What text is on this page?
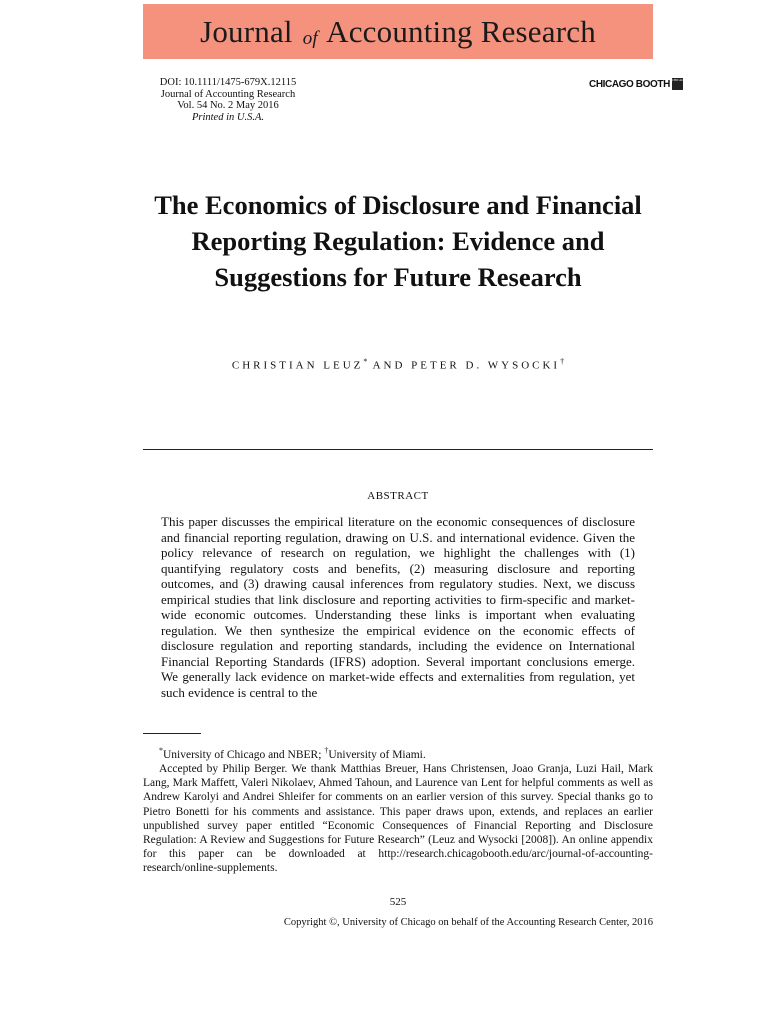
Journal of Accounting Research
DOI: 10.1111/1475-679X.12115
Journal of Accounting Research
Vol. 54 No. 2 May 2016
Printed in U.S.A.
CHICAGO BOOTH CHICAGO
The Economics of Disclosure and Financial Reporting Regulation: Evidence and Suggestions for Future Research
CHRISTIAN LEUZ* AND PETER D. WYSOCKI†
ABSTRACT

This paper discusses the empirical literature on the economic consequences of disclosure and financial reporting regulation, drawing on U.S. and international evidence. Given the policy relevance of research on regulation, we highlight the challenges with (1) quantifying regulatory costs and benefits, (2) measuring disclosure and reporting outcomes, and (3) drawing causal inferences from regulatory studies. Next, we discuss empirical studies that link disclosure and reporting activities to firm-specific and market-wide economic outcomes. Understanding these links is important when evaluating regulation. We then synthesize the empirical evidence on the economic effects of disclosure regulation and reporting standards, including the evidence on International Financial Reporting Standards (IFRS) adoption. Several important conclusions emerge. We generally lack evidence on market-wide effects and externalities from regulation, yet such evidence is central to the

*University of Chicago and NBER; †University of Miami.

Accepted by Philip Berger. We thank Matthias Breuer, Hans Christensen, Joao Granja, Luzi Hail, Mark Lang, Mark Maffett, Valeri Nikolaev, Ahmed Tahoun, and Laurence van Lent for helpful comments as well as Andrew Karolyi and Andrei Shleifer for comments on an earlier version of this survey. Special thanks go to Pietro Bonetti for his comments and assistance. This paper draws upon, extends, and replaces an earlier unpublished survey paper entitled “Economic Consequences of Financial Reporting and Disclosure Regulation: A Review and Suggestions for Future Research” (Leuz and Wysocki [2008]). An online appendix for this paper can be downloaded at http://research.chicagobooth.edu/arc/journal-of-accounting-research/online-supplements.

525
Copyright ©, University of Chicago on behalf of the Accounting Research Center, 2016
